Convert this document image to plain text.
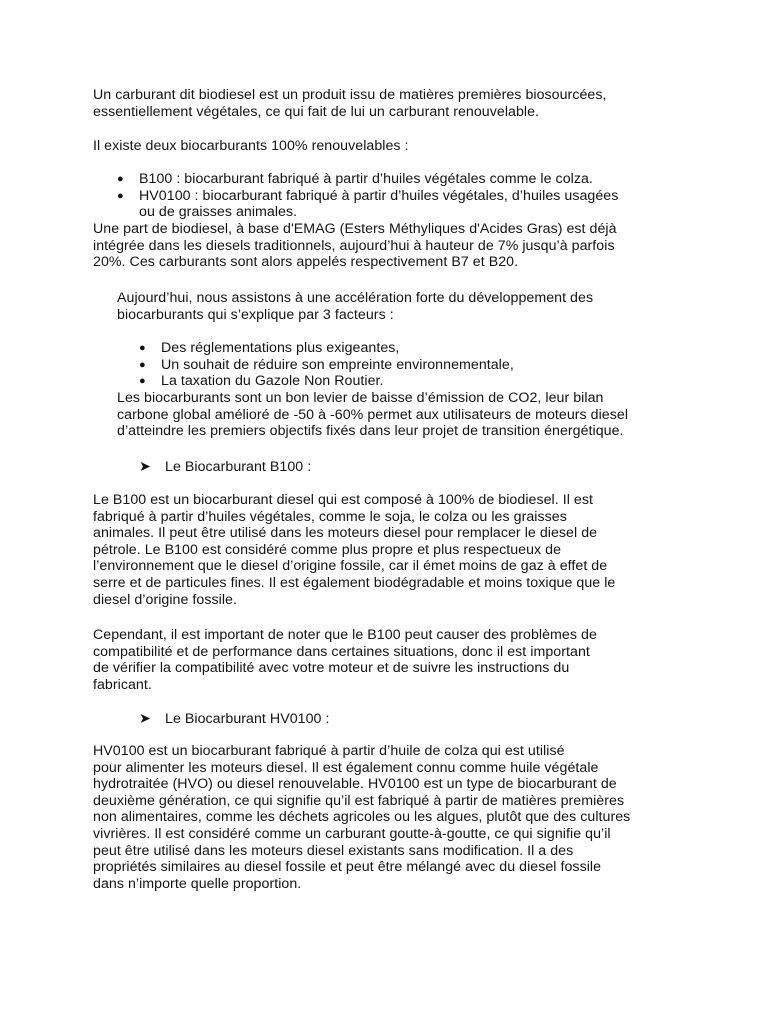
Un carburant dit biodiesel est un produit issu de matières premières biosourcées,

essentiellement végétales, ce qui fait de lui un carburant renouvelable.

Il existe deux biocarburants 100% renouvelables :

● B100 : biocarburant fabriqué à partir d’huiles végétales comme le colza.

● HV0100 : biocarburant fabriqué à partir d’huiles végétales, d’huiles usagées

ou de graisses animales.

Une part de biodiesel, à base d'EMAG (Esters Méthyliques d'Acides Gras) est déjà

intégrée dans les diesels traditionnels, aujourd’hui à hauteur de 7% jusqu’à parfois

20%. Ces carburants sont alors appelés respectivement B7 et B20.

Aujourd’hui, nous assistons à une accélération forte du développement des

biocarburants qui s’explique par 3 facteurs :

● Des réglementations plus exigeantes,

● Un souhait de réduire son empreinte environnementale,

● La taxation du Gazole Non Routier.

Les biocarburants sont un bon levier de baisse d’émission de CO2, leur bilan

carbone global amélioré de -50 à -60% permet aux utilisateurs de moteurs diesel

d’atteindre les premiers objectifs fixés dans leur projet de transition énergétique.

➤ Le Biocarburant B100 :

Le B100 est un biocarburant diesel qui est composé à 100% de biodiesel. Il est

fabriqué à partir d’huiles végétales, comme le soja, le colza ou les graisses

animales. Il peut être utilisé dans les moteurs diesel pour remplacer le diesel de

pétrole. Le B100 est considéré comme plus propre et plus respectueux de

l’environnement que le diesel d’origine fossile, car il émet moins de gaz à effet de

serre et de particules fines. Il est également biodégradable et moins toxique que le

diesel d’origine fossile.

Cependant, il est important de noter que le B100 peut causer des problèmes de

compatibilité et de performance dans certaines situations, donc il est important

de vérifier la compatibilité avec votre moteur et de suivre les instructions du

fabricant.

➤ Le Biocarburant HV0100 :

HV0100 est un biocarburant fabriqué à partir d’huile de colza qui est utilisé

pour alimenter les moteurs diesel. Il est également connu comme huile végétale

hydrotraitée (HVO) ou diesel renouvelable. HV0100 est un type de biocarburant de

deuxième génération, ce qui signifie qu’il est fabriqué à partir de matières premières

non alimentaires, comme les déchets agricoles ou les algues, plutôt que des cultures

vivrières. Il est considéré comme un carburant goutte-à-goutte, ce qui signifie qu’il

peut être utilisé dans les moteurs diesel existants sans modification. Il a des

propriétés similaires au diesel fossile et peut être mélangé avec du diesel fossile

dans n’importe quelle proportion.
